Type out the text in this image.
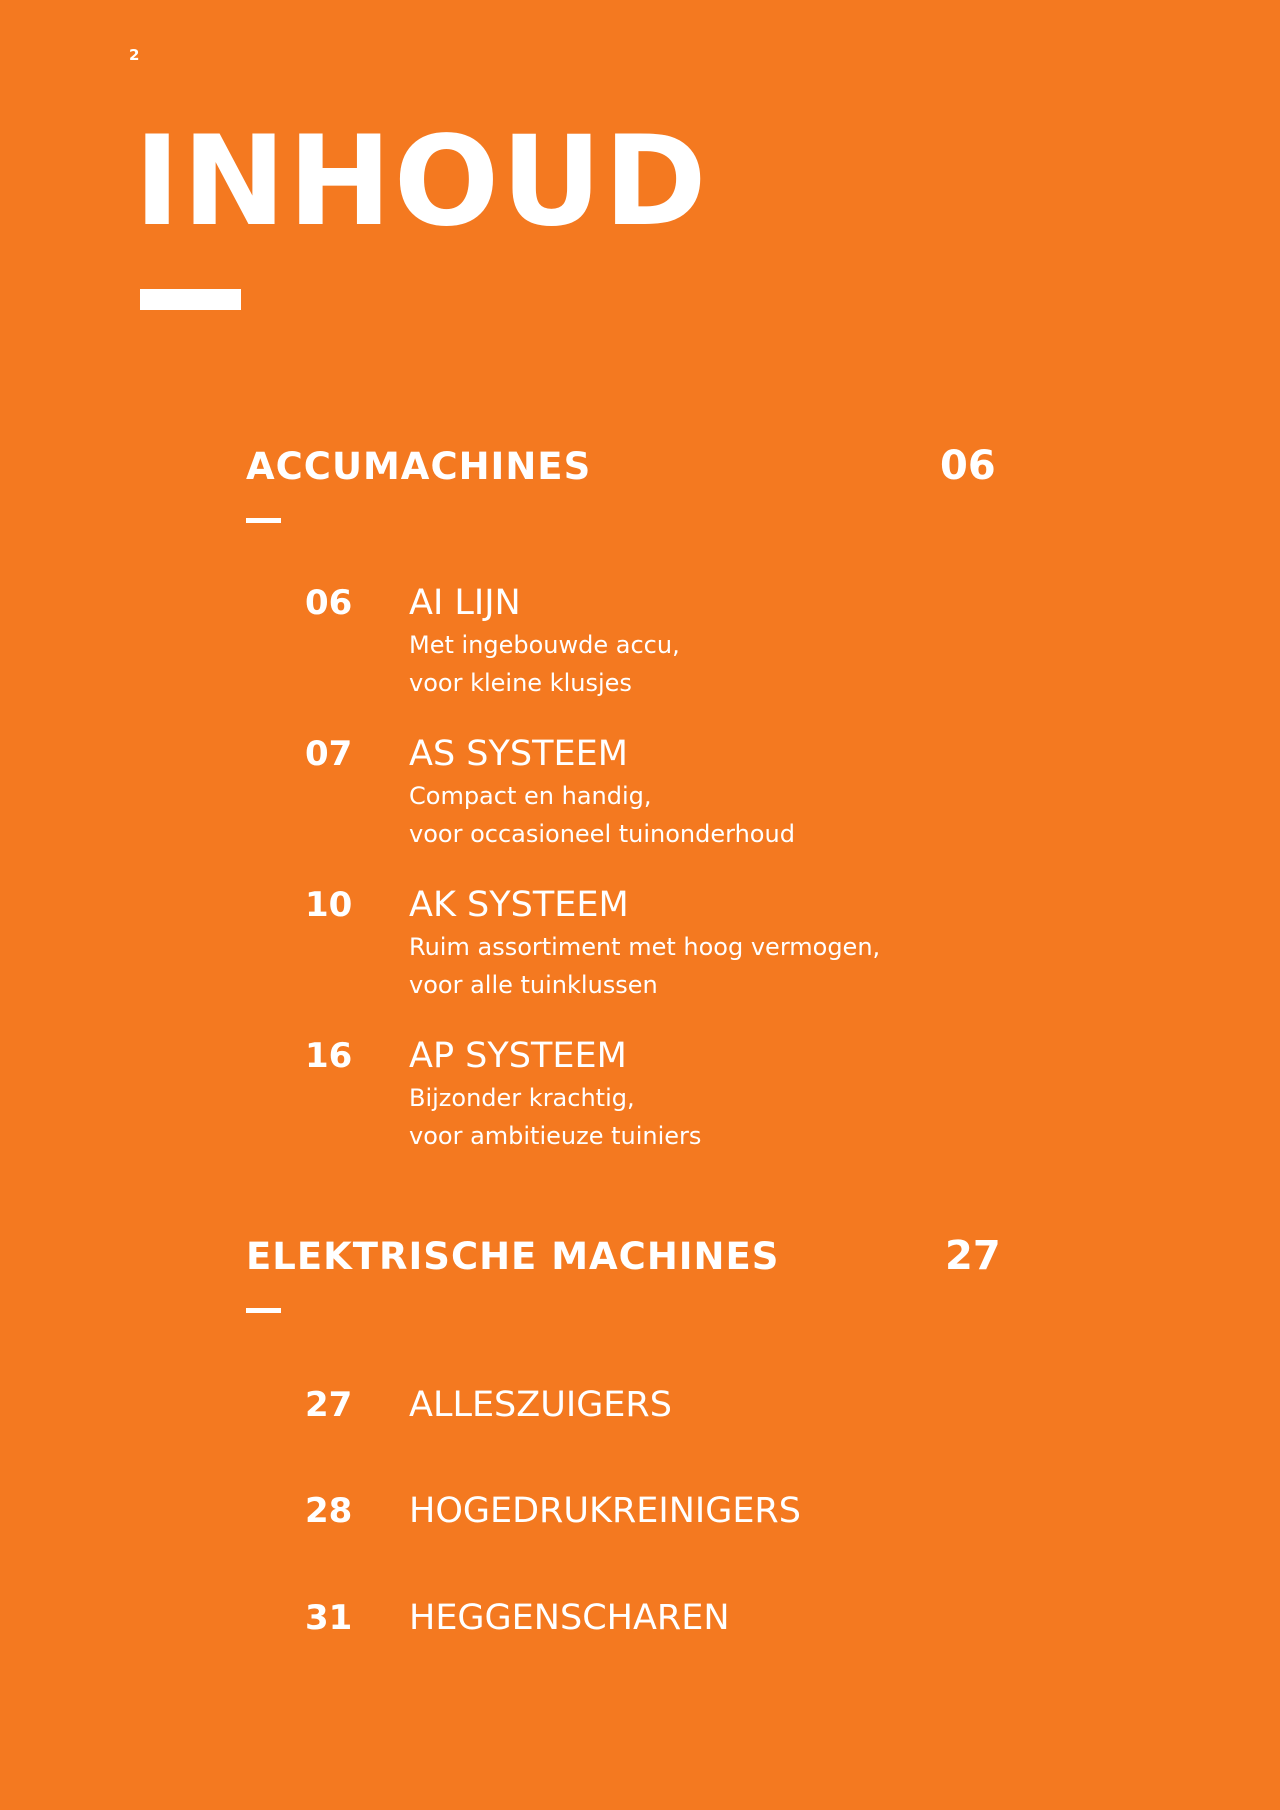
2
INHOUD
ACCUMACHINES	06
06 AI LIJN
Met ingebouwde accu,
voor kleine klusjes
07 AS SYSTEEM
Compact en handig,
voor occasioneel tuinonderhoud
10 AK SYSTEEM
Ruim assortiment met hoog vermogen,
voor alle tuinklussen
16 AP SYSTEEM
Bijzonder krachtig,
voor ambitieuze tuiniers
ELEKTRISCHE MACHINES	27
27 ALLESZUIGERS
28 HOGEDRUKREINIGERS
31 HEGGENSCHAREN
